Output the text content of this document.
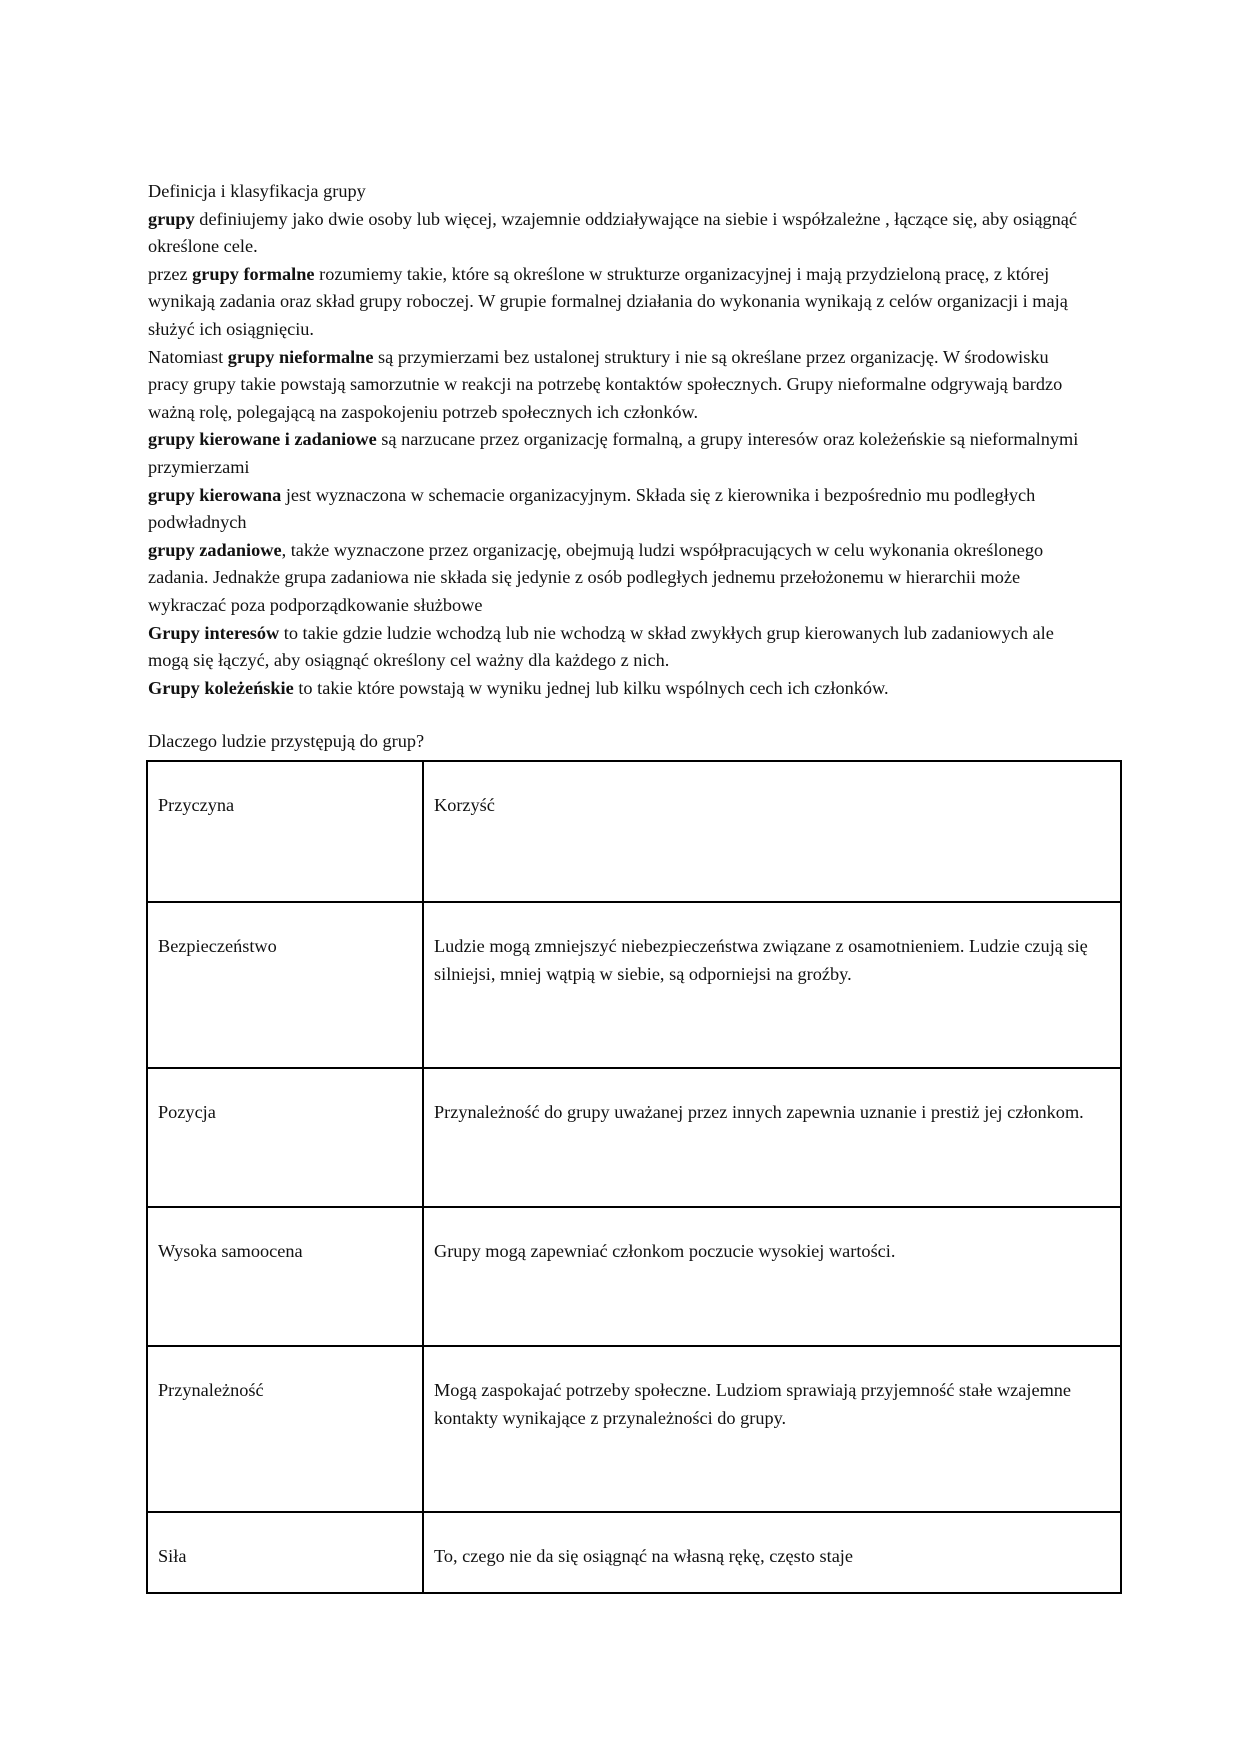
Definicja i klasyfikacja grupy

grupy definiujemy jako dwie osoby lub więcej, wzajemnie oddziaływające na siebie i współzależne , łączące się, aby osiągnąć określone cele.

przez grupy formalne rozumiemy takie, które są określone w strukturze organizacyjnej i mają przydzieloną pracę, z której wynikają zadania oraz skład grupy roboczej. W grupie formalnej działania do wykonania wynikają z celów organizacji i mają służyć ich osiągnięciu.

Natomiast grupy nieformalne są przymierzami bez ustalonej struktury i nie są określane przez organizację. W środowisku pracy grupy takie powstają samorzutnie w reakcji na potrzebę kontaktów społecznych. Grupy nieformalne odgrywają bardzo ważną rolę, polegającą na zaspokojeniu potrzeb społecznych ich członków.

grupy kierowane i zadaniowe są narzucane przez organizację formalną, a grupy interesów oraz koleżeńskie są nieformalnymi przymierzami

grupy kierowana jest wyznaczona w schemacie organizacyjnym. Składa się z kierownika i bezpośrednio mu podległych podwładnych

grupy zadaniowe, także wyznaczone przez organizację, obejmują ludzi współpracujących w celu wykonania określonego zadania. Jednakże grupa zadaniowa nie składa się jedynie z osób podległych jednemu przełożonemu w hierarchii może wykraczać poza podporządkowanie służbowe

Grupy interesów to takie gdzie ludzie wchodzą lub nie wchodzą w skład zwykłych grup kierowanych lub zadaniowych ale mogą się łączyć, aby osiągnąć określony cel ważny dla każdego z nich.

Grupy koleżeńskie to takie które powstają w wyniku jednej lub kilku wspólnych cech ich członków.

Dlaczego ludzie przystępują do grup?

Przyczyna	Korzyść
Bezpieczeństwo	Ludzie mogą zmniejszyć niebezpieczeństwa związane z osamotnieniem. Ludzie czują się silniejsi, mniej wątpią w siebie, są odporniejsi na groźby.
Pozycja	Przynależność do grupy uważanej przez innych zapewnia uznanie i prestiż jej członkom.
Wysoka samoocena	Grupy mogą zapewniać członkom poczucie wysokiej wartości.
Przynależność	Mogą zaspokajać potrzeby społeczne. Ludziom sprawiają przyjemność stałe wzajemne kontakty wynikające z przynależności do grupy.
Siła	To, czego nie da się osiągnąć na własną rękę, często staje
